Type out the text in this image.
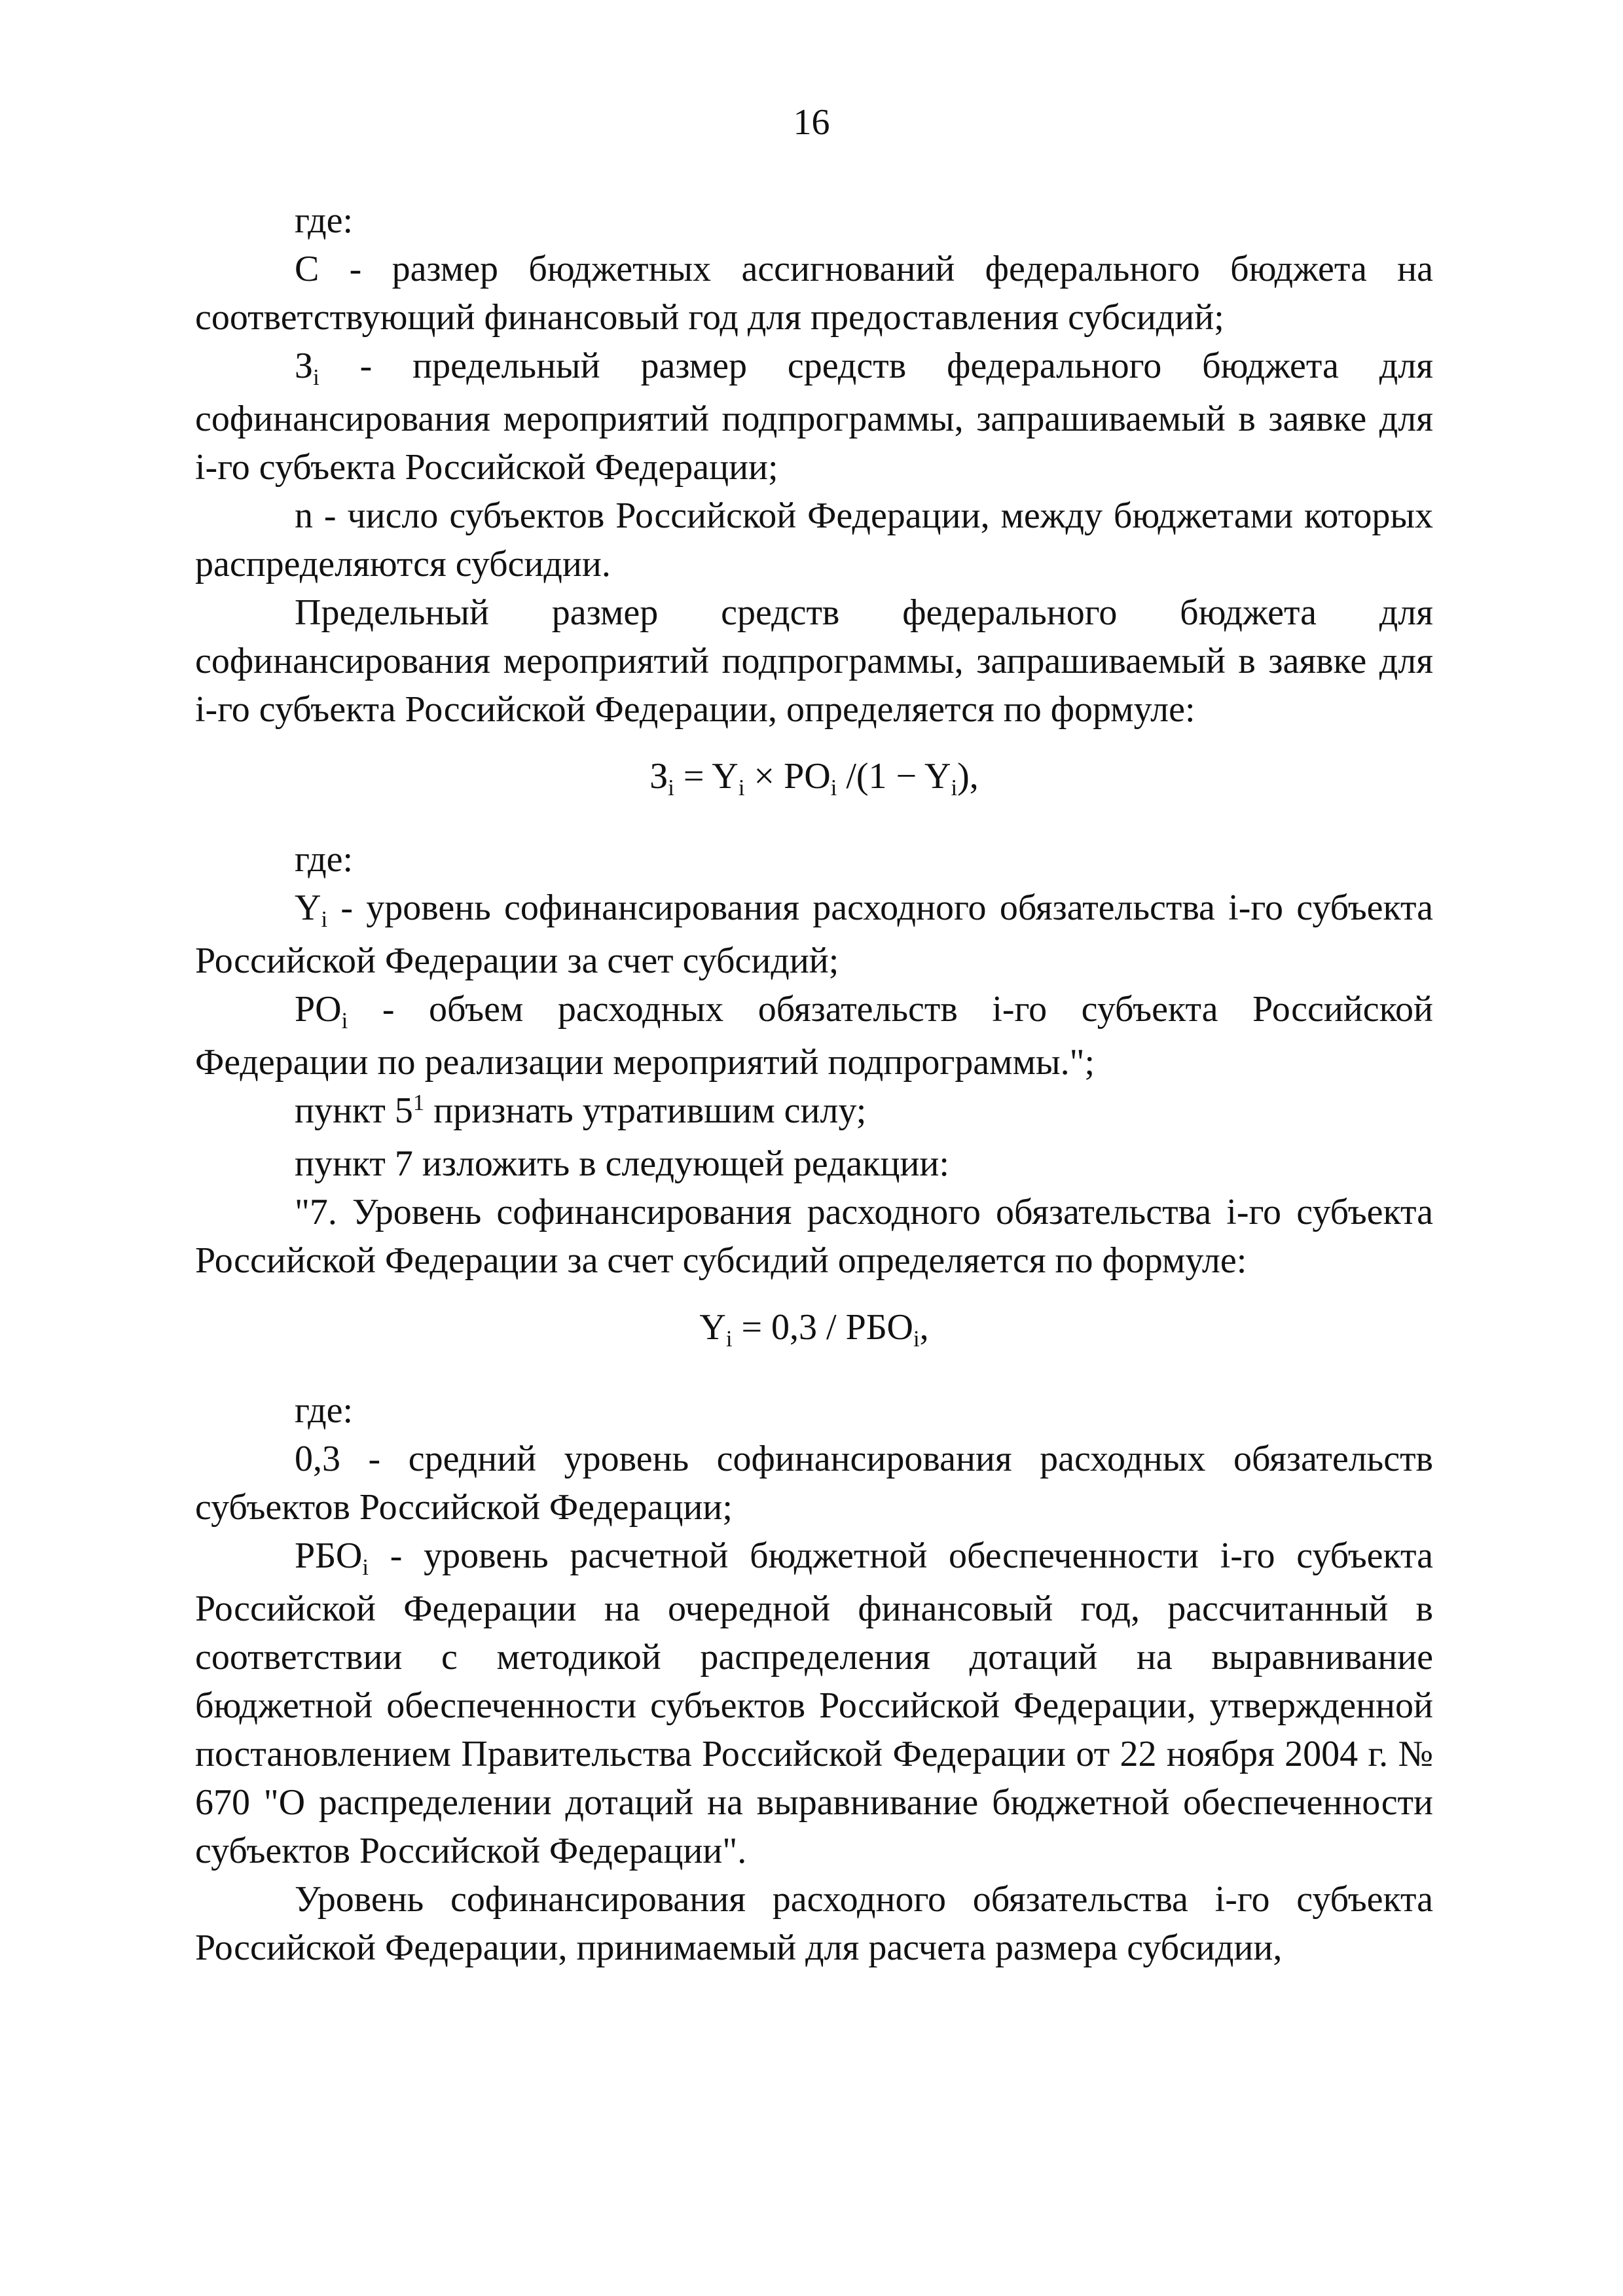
16

где:

С - размер бюджетных ассигнований федерального бюджета на соответствующий финансовый год для предоставления субсидий;

Зi - предельный размер средств федерального бюджета для софинансирования мероприятий подпрограммы, запрашиваемый в заявке для i-го субъекта Российской Федерации;

n - число субъектов Российской Федерации, между бюджетами которых распределяются субсидии.

Предельный размер средств федерального бюджета для софинансирования мероприятий подпрограммы, запрашиваемый в заявке для i-го субъекта Российской Федерации, определяется по формуле:

Зi = Yi × POi /(1 − Yi),

где:

Yi - уровень софинансирования расходного обязательства i-го субъекта Российской Федерации за счет субсидий;

POi - объем расходных обязательств i-го субъекта Российской Федерации по реализации мероприятий подпрограммы.";

пункт $5^1$ признать утратившим силу;

пункт 7 изложить в следующей редакции:

"7. Уровень софинансирования расходного обязательства i-го субъекта Российской Федерации за счет субсидий определяется по формуле:

Yi = 0,3 / РБОi,

где:

0,3 - средний уровень софинансирования расходных обязательств субъектов Российской Федерации;

РБОi - уровень расчетной бюджетной обеспеченности i-го субъекта Российской Федерации на очередной финансовый год, рассчитанный в соответствии с методикой распределения дотаций на выравнивание бюджетной обеспеченности субъектов Российской Федерации, утвержденной постановлением Правительства Российской Федерации от 22 ноября 2004 г. № 670 "О распределении дотаций на выравнивание бюджетной обеспеченности субъектов Российской Федерации".

Уровень софинансирования расходного обязательства i-го субъекта Российской Федерации, принимаемый для расчета размера субсидии,
